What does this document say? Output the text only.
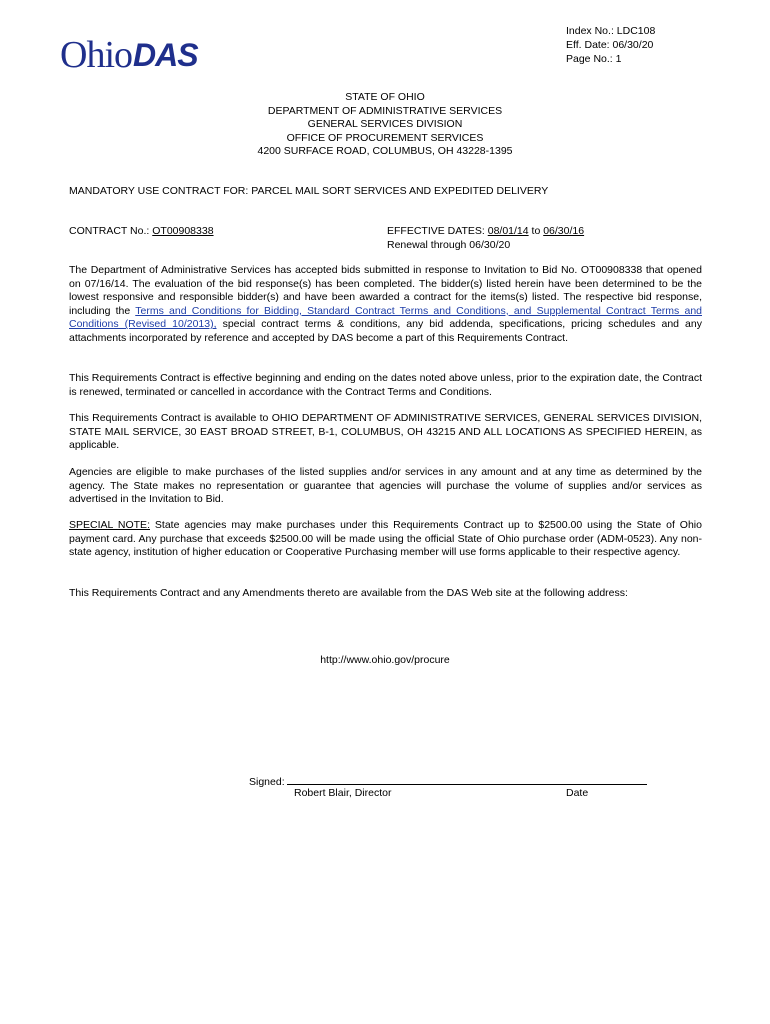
OhioDAS
Index No.: LDC108
Eff. Date: 06/30/20
Page No.: 1
STATE OF OHIO
DEPARTMENT OF ADMINISTRATIVE SERVICES
GENERAL SERVICES DIVISION
OFFICE OF PROCUREMENT SERVICES
4200 SURFACE ROAD, COLUMBUS, OH 43228-1395
MANDATORY USE CONTRACT FOR: PARCEL MAIL SORT SERVICES AND EXPEDITED DELIVERY
CONTRACT No.: OT00908338	EFFECTIVE DATES: 08/01/14 to 06/30/16
Renewal through 06/30/20
The Department of Administrative Services has accepted bids submitted in response to Invitation to Bid No. OT00908338 that opened on 07/16/14. The evaluation of the bid response(s) has been completed. The bidder(s) listed herein have been determined to be the lowest responsive and responsible bidder(s) and have been awarded a contract for the items(s) listed. The respective bid response, including the Terms and Conditions for Bidding, Standard Contract Terms and Conditions, and Supplemental Contract Terms and Conditions (Revised 10/2013), special contract terms & conditions, any bid addenda, specifications, pricing schedules and any attachments incorporated by reference and accepted by DAS become a part of this Requirements Contract.
This Requirements Contract is effective beginning and ending on the dates noted above unless, prior to the expiration date, the Contract is renewed, terminated or cancelled in accordance with the Contract Terms and Conditions.
This Requirements Contract is available to OHIO DEPARTMENT OF ADMINISTRATIVE SERVICES, GENERAL SERVICES DIVISION, STATE MAIL SERVICE, 30 EAST BROAD STREET, B-1, COLUMBUS, OH 43215 AND ALL LOCATIONS AS SPECIFIED HEREIN, as applicable.
Agencies are eligible to make purchases of the listed supplies and/or services in any amount and at any time as determined by the agency. The State makes no representation or guarantee that agencies will purchase the volume of supplies and/or services as advertised in the Invitation to Bid.
SPECIAL NOTE: State agencies may make purchases under this Requirements Contract up to $2500.00 using the State of Ohio payment card. Any purchase that exceeds $2500.00 will be made using the official State of Ohio purchase order (ADM-0523). Any non-state agency, institution of higher education or Cooperative Purchasing member will use forms applicable to their respective agency.
This Requirements Contract and any Amendments thereto are available from the DAS Web site at the following address:
http://www.ohio.gov/procure
Signed:
Robert Blair, Director	Date
